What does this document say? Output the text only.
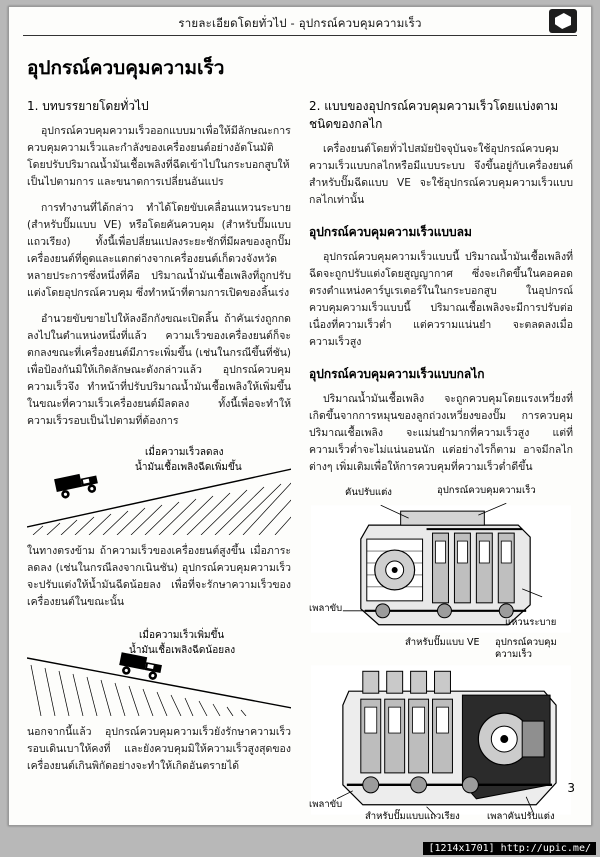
รายละเอียดโดยทั่วไป - อุปกรณ์ควบคุมความเร็ว
อุปกรณ์ควบคุมความเร็ว
1. บทบรรยายโดยทั่วไป

อุปกรณ์ควบคุมความเร็วออกแบบมาเพื่อให้มีลักษณะการควบคุมความเร็วและกำลังของเครื่องยนต์อย่างอัตโนมัติ โดยปรับปริมาณน้ำมันเชื้อเพลิงที่ฉีดเข้าไปในกระบอกสูบให้เป็นไปตามการ และขนาดการเปลี่ยนอันแปร

การทำงานที่ได้กล่าว ทำได้โดยขับเคลื่อนแหวนระบาย (สำหรับปั๊มแบบ VE) หรือโดยคันควบคุม (สำหรับปั๊มแบบแถวเรียง) ทั้งนี้เพื่อปลี่ยนแปลงระยะชักที่มีผลของลูกปั๊มเครื่องยนต์ที่ดูดและแตกต่างจากเครื่องยนต์เก็ดวงจังหวัดหลายประการซึ่งหนึ่งที่คือ ปริมาณน้ำมันเชื้อเพลิงที่ถูกปรับแต่งโดยอุปกรณ์ควบคุม ซึ่งทำหน้าที่ตามการเปิดของลิ้นเร่ง

อำนวยขับขายไปให้ลงอีกกังขณะเปิดลิ้น ถ้าคันเร่งถูกกดลงไปในตำแหน่งหนึ่งที่แล้ว ความเร็วของเครื่องยนต์ก็จะตกลงขณะที่เครื่องยนต์มีภาระเพิ่มขึ้น (เช่นในกรณีขึ้นที่ชัน) เพื่อป้องกันมิให้เกิดลักษณะดังกล่าวแล้ว อุปกรณ์ควบคุมความเร็วจึง ทำหน้าที่ปรับปริมาณน้ำมันเชื้อเพลิงให้เพิ่มขึ้นในขณะที่ความเร็วเครื่องยนต์มีลดลง ทั้งนี้เพื่อจะทำให้ความเร็วรอบเป็นไปตามที่ต้องการ

เมื่อความเร็วลดลง
น้ำมันเชื้อเพลิงฉีดเพิ่มขึ้น

ในทางตรงข้าม ถ้าความเร็วของเครื่องยนต์สูงขึ้น เมื่อภาระลดลง (เช่นในกรณีลงจากเนินชัน) อุปกรณ์ควบคุมความเร็วจะปรับแต่งให้น้ำมันฉีดน้อยลง เพื่อที่จะรักษาความเร็วของเครื่องยนต์ในขณะนั้น

เมื่อความเร็วเพิ่มขึ้น
น้ำมันเชื้อเพลิงฉีดน้อยลง

นอกจากนี้แล้ว อุปกรณ์ควบคุมความเร็วยังรักษาความเร็วรอบเดินเบาให้คงที่ และยังควบคุมมิให้ความเร็วสูงสุดของเครื่องยนต์เกินพิกัดอย่างจะทำให้เกิดอันตรายได้

2. แบบของอุปกรณ์ควบคุมความเร็วโดยแบ่งตามชนิดของกลไก

เครื่องยนต์โดยทั่วไปสมัยปัจจุบันจะใช้อุปกรณ์ควบคุมความเร็วแบบกลไกหรือมีแบบระบบ จึงขึ้นอยู่กับเครื่องยนต์ สำหรับปั๊มฉีดแบบ VE จะใช้อุปกรณ์ควบคุมความเร็วแบบกลไกเท่านั้น

อุปกรณ์ควบคุมความเร็วแบบลม

อุปกรณ์ควบคุมความเร็วแบบนี้ ปริมาณน้ำมันเชื้อเพลิงที่ฉีดจะถูกปรับแต่งโดยสูญญากาศ ซึ่งจะเกิดขึ้นในคอคอดตรงตำแหน่งคาร์บูเรเตอร์ในในกระบอกสูบ ในอุปกรณ์ควบคุมความเร็วแบบนี้ ปริมาณเชื้อเพลิงจะมีการปรับต่อเนื่องที่ความเร็วต่ำ แต่ควรามแน่นยำ จะตลดลงเมื่อความเร็วสูง

อุปกรณ์ควบคุมความเร็วแบบกลไก

ปริมาณน้ำมันเชื้อเพลิง จะถูกควบคุมโดยแรงเหวี่ยงที่เกิดขึ้นจากการหมุนของลูกถ่วงเหวี่ยงของปั๊ม การควบคุมปริมาณเชื้อเพลิง จะแม่นยำมากที่ความเร็วสูง แต่ที่ความเร็วต่ำจะไม่แน่นอนนัก แต่อย่างไรก็ตาม อาจมีกลไกต่างๆ เพิ่มเติมเพื่อให้การควบคุมที่ความเร็วต่ำดีขึ้น

คันปรับแต่ง	อุปกรณ์ควบคุมความเร็ว
เพลาขับ
แหวนระบาย
สำหรับปั๊มแบบ VE อุปกรณ์ควบคุมความเร็ว
เพลาขับ
สำหรับปั๊มแบบแถวเรียง	เพลาคันปรับแต่ง
3
[1214x1701] http://upic.me/
